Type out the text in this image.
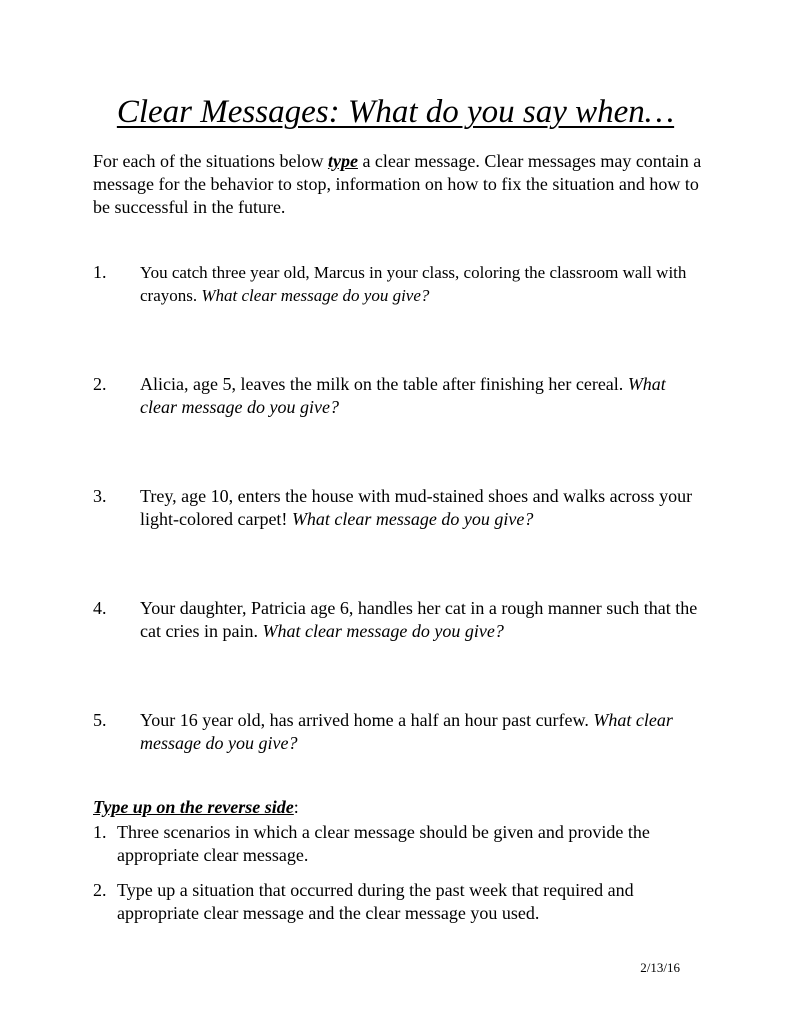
Clear Messages: What do you say when…
For each of the situations below type a clear message. Clear messages may contain a message for the behavior to stop, information on how to fix the situation and how to be successful in the future.
1.	You catch three year old, Marcus in your class, coloring the classroom wall with crayons. What clear message do you give?
2.	Alicia, age 5, leaves the milk on the table after finishing her cereal. What clear message do you give?
3.	Trey, age 10, enters the house with mud-stained shoes and walks across your light-colored carpet! What clear message do you give?
4.	Your daughter, Patricia age 6, handles her cat in a rough manner such that the cat cries in pain. What clear message do you give?
5.	Your 16 year old, has arrived home a half an hour past curfew. What clear message do you give?
Type up on the reverse side:
1. Three scenarios in which a clear message should be given and provide the appropriate clear message.
2. Type up a situation that occurred during the past week that required and appropriate clear message and the clear message you used.
2/13/16
